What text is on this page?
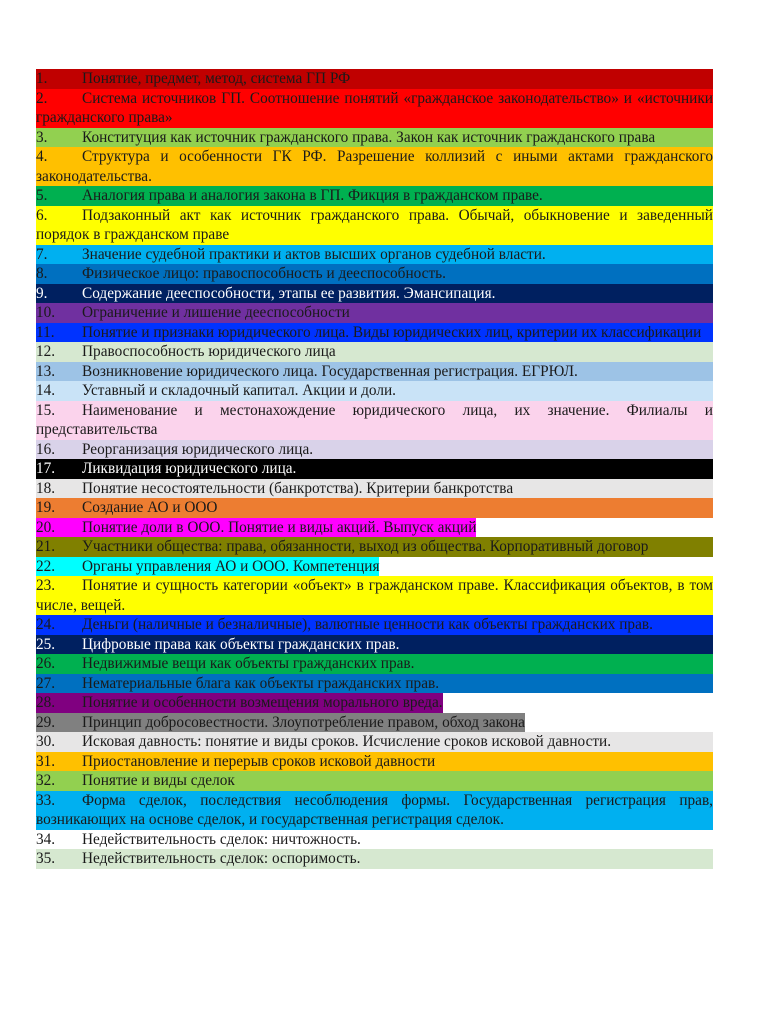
1. Понятие, предмет, метод, система ГП РФ
2. Система источников ГП. Соотношение понятий «гражданское законодательство» и «источники гражданского права»
3. Конституция как источник гражданского права. Закон как источник гражданского права
4. Структура и особенности ГК РФ. Разрешение коллизий с иными актами гражданского законодательства.
5. Аналогия права и аналогия закона в ГП. Фикция в гражданском праве.
6. Подзаконный акт как источник гражданского права. Обычай, обыкновение и заведенный порядок в гражданском праве
7. Значение судебной практики и актов высших органов судебной власти.
8. Физическое лицо: правоспособность и дееспособность.
9. Содержание дееспособности, этапы ее развития. Эмансипация.
10. Ограничение и лишение дееспособности
11. Понятие и признаки юридического лица. Виды юридических лиц, критерии их классификации
12. Правоспособность юридического лица
13. Возникновение юридического лица. Государственная регистрация. ЕГРЮЛ.
14. Уставный и складочный капитал. Акции и доли.
15. Наименование и местонахождение юридического лица, их значение. Филиалы и представительства
16. Реорганизация юридического лица.
17. Ликвидация юридического лица.
18. Понятие несостоятельности (банкротства). Критерии банкротства
19. Создание АО и ООО
20. Понятие доли в ООО. Понятие и виды акций. Выпуск акций
21. Участники общества: права, обязанности, выход из общества. Корпоративный договор
22. Органы управления АО и ООО. Компетенция
23. Понятие и сущность категории «объект» в гражданском праве. Классификация объектов, в том числе, вещей.
24. Деньги (наличные и безналичные), валютные ценности как объекты гражданских прав.
25. Цифровые права как объекты гражданских прав.
26. Недвижимые вещи как объекты гражданских прав.
27. Нематериальные блага как объекты гражданских прав.
28. Понятие и особенности возмещения морального вреда.
29. Принцип добросовестности. Злоупотребление правом, обход закона
30. Исковая давность: понятие и виды сроков. Исчисление сроков исковой давности.
31. Приостановление и перерыв сроков исковой давности
32. Понятие и виды сделок
33. Форма сделок, последствия несоблюдения формы. Государственная регистрация прав, возникающих на основе сделок, и государственная регистрация сделок.
34. Недействительность сделок: ничтожность.
35. Недействительность сделок: оспоримость.
